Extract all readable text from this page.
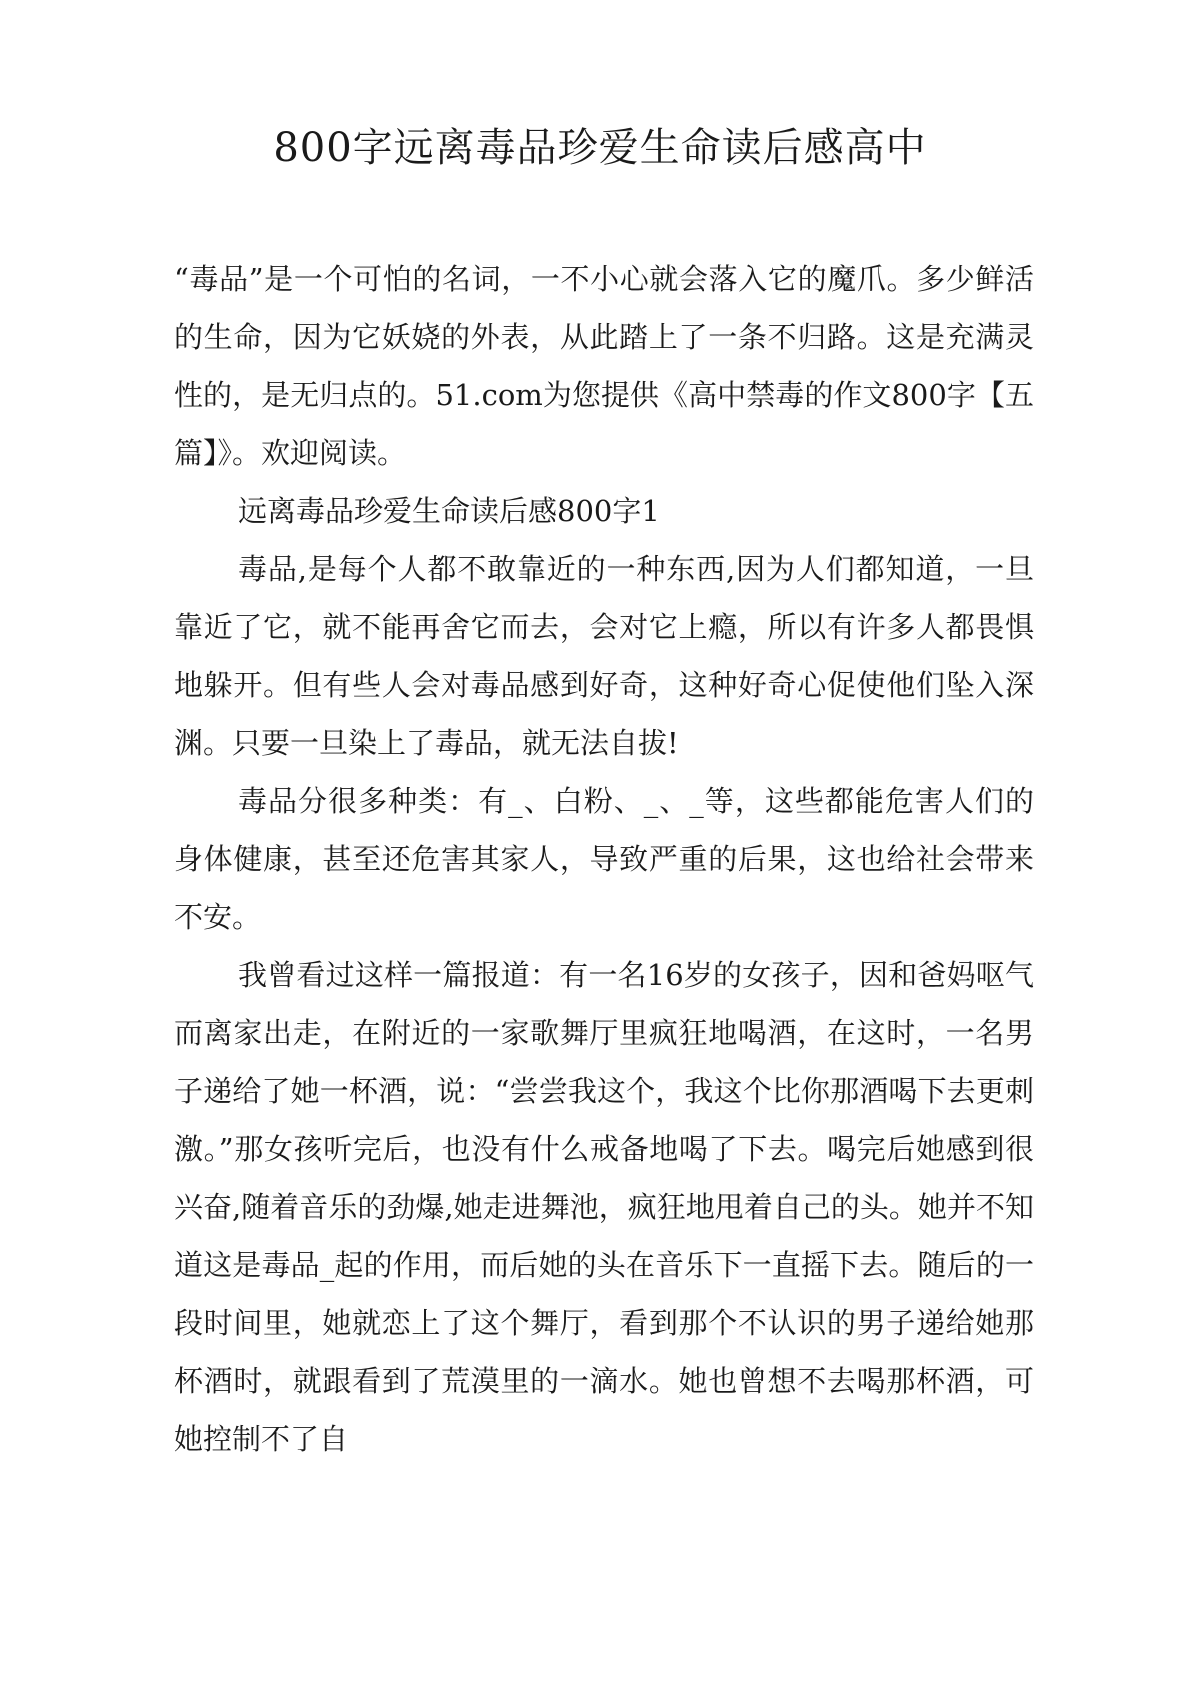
800字远离毒品珍爱生命读后感高中

“毒品”是一个可怕的名词，一不小心就会落入它的魔爪。多少鲜活的生命，因为它妖娆的外表，从此踏上了一条不归路。这是充满灵性的，是无归点的。51.com为您提供《高中禁毒的作文800字【五篇】》。欢迎阅读。

远离毒品珍爱生命读后感800字1

毒品,是每个人都不敢靠近的一种东西,因为人们都知道，一旦靠近了它，就不能再舍它而去，会对它上瘾，所以有许多人都畏惧地躲开。但有些人会对毒品感到好奇，这种好奇心促使他们坠入深渊。只要一旦染上了毒品，就无法自拔!

毒品分很多种类：有_、白粉、_、_等，这些都能危害人们的身体健康，甚至还危害其家人，导致严重的后果，这也给社会带来不安。

我曾看过这样一篇报道：有一名16岁的女孩子，因和爸妈呕气而离家出走，在附近的一家歌舞厅里疯狂地喝酒，在这时，一名男子递给了她一杯酒，说：“尝尝我这个，我这个比你那酒喝下去更刺激。”那女孩听完后，也没有什么戒备地喝了下去。喝完后她感到很兴奋,随着音乐的劲爆,她走进舞池，疯狂地甩着自己的头。她并不知道这是毒品_起的作用，而后她的头在音乐下一直摇下去。随后的一段时间里，她就恋上了这个舞厅，看到那个不认识的男子递给她那杯酒时，就跟看到了荒漠里的一滴水。她也曾想不去喝那杯酒，可她控制不了自
